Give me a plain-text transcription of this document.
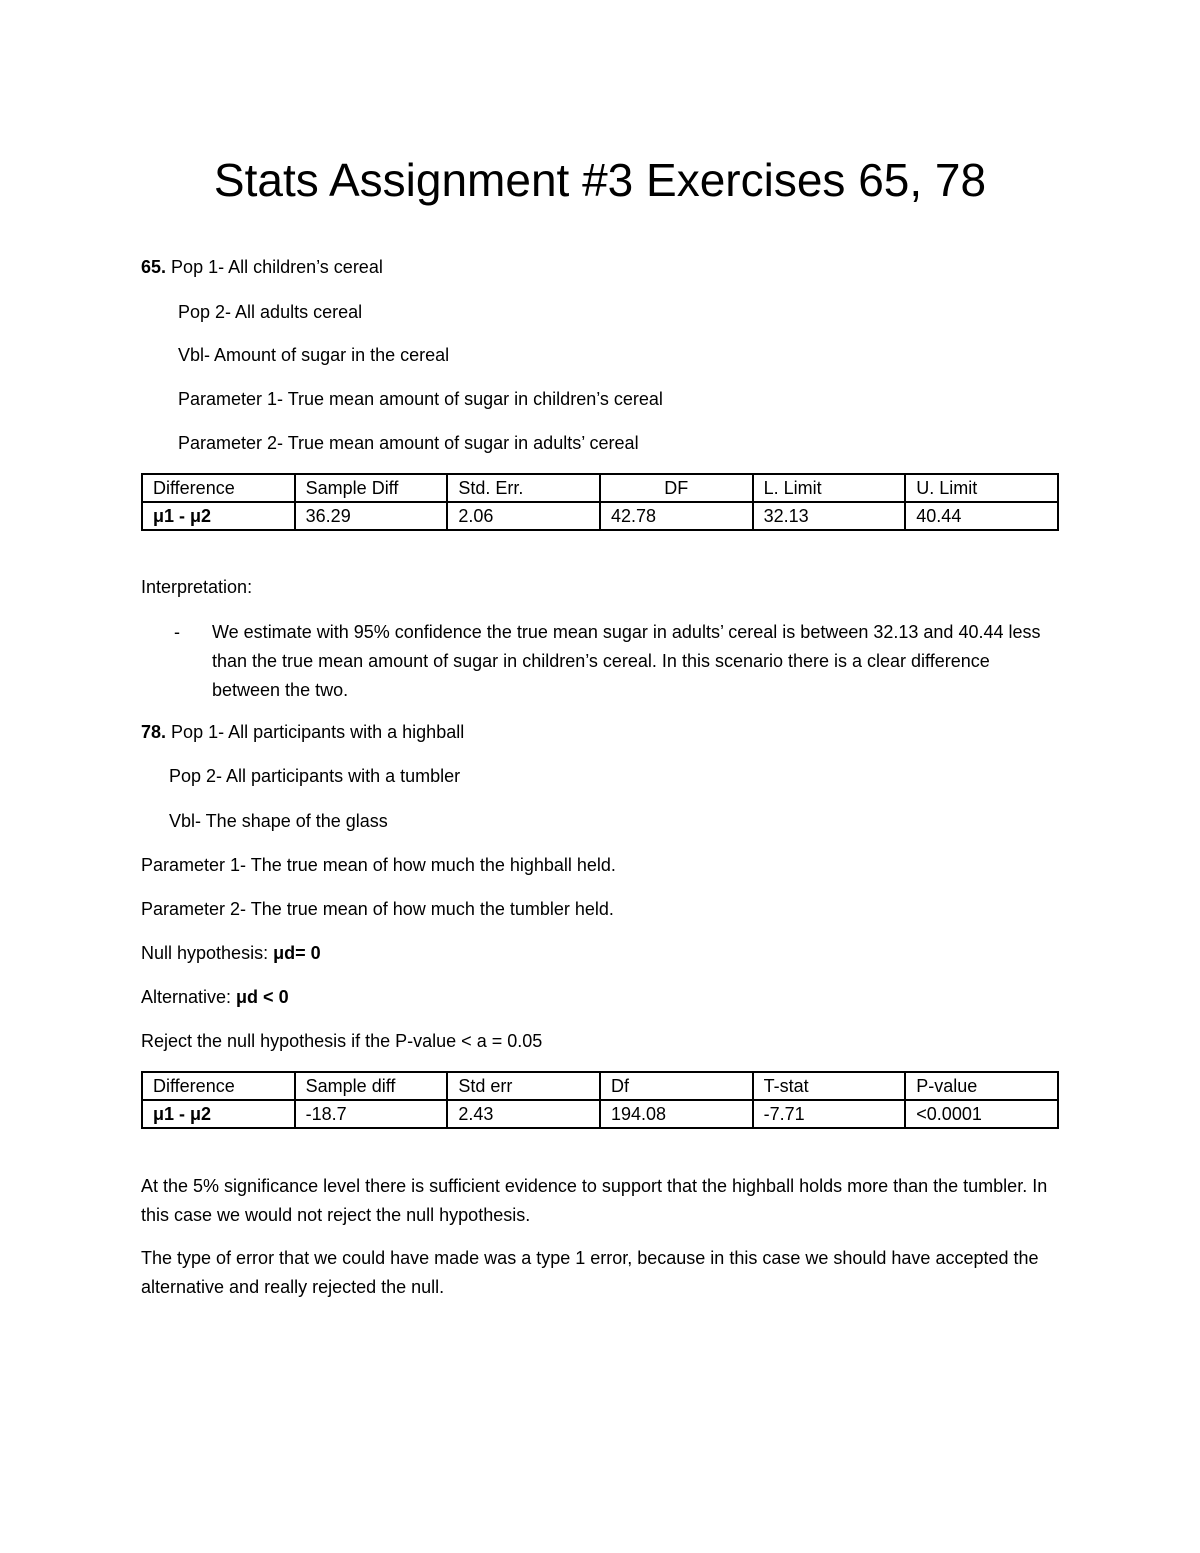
Stats Assignment #3 Exercises 65, 78

65. Pop 1- All children’s cereal

Pop 2- All adults cereal

Vbl- Amount of sugar in the cereal

Parameter 1- True mean amount of sugar in children’s cereal

Parameter 2- True mean amount of sugar in adults’ cereal

Difference	Sample Diff	Std. Err.	DF	L. Limit	U. Limit
μ1 - μ2	36.29	2.06	42.78	32.13	40.44

Interpretation:

- We estimate with 95% confidence the true mean sugar in adults’ cereal is between 32.13 and 40.44 less than the true mean amount of sugar in children’s cereal. In this scenario there is a clear difference between the two.

78. Pop 1- All participants with a highball

Pop 2- All participants with a tumbler

Vbl- The shape of the glass

Parameter 1- The true mean of how much the highball held.

Parameter 2- The true mean of how much the tumbler held.

Null hypothesis: μd= 0

Alternative: μd < 0

Reject the null hypothesis if the P-value < a = 0.05

Difference	Sample diff	Std err	Df	T-stat	P-value
μ1 - μ2	-18.7	2.43	194.08	-7.71	<0.0001

At the 5% significance level there is sufficient evidence to support that the highball holds more than the tumbler. In this case we would not reject the null hypothesis.

The type of error that we could have made was a type 1 error, because in this case we should have accepted the alternative and really rejected the null.
